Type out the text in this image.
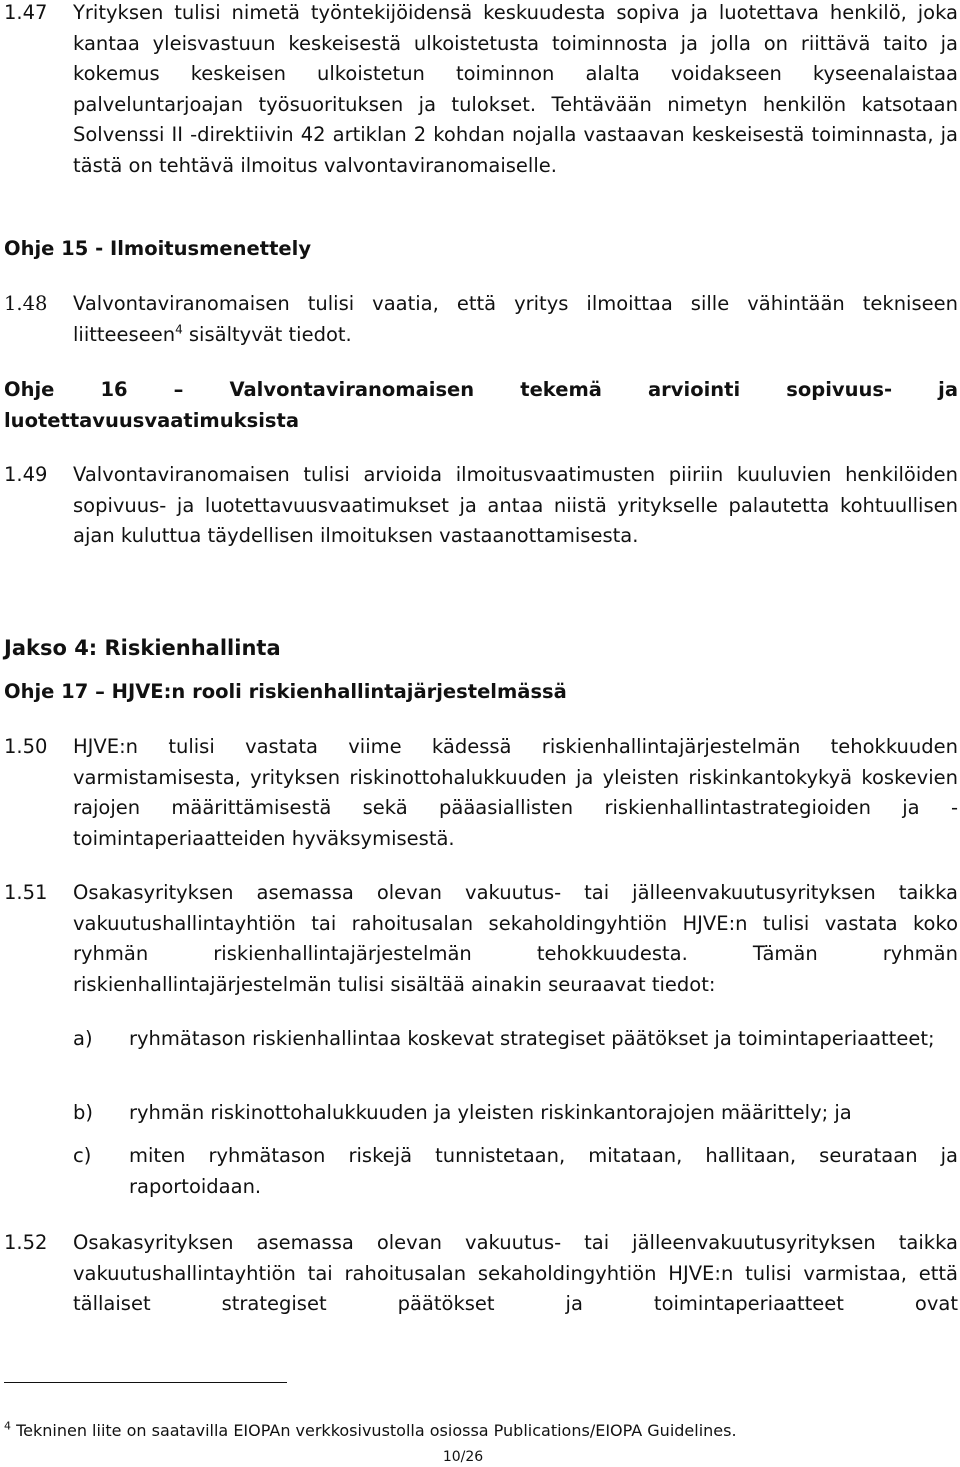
1.47	Yrityksen tulisi nimetä työntekijöidensä keskuudesta sopiva ja luotettava henkilö, joka kantaa yleisvastuun keskeisestä ulkoistetusta toiminnosta ja jolla on riittävä taito ja kokemus keskeisen ulkoistetun toiminnon alalta voidakseen kyseenalaistaa palveluntarjoajan työsuorituksen ja tulokset. Tehtävään nimetyn henkilön katsotaan Solvenssi II -direktiivin 42 artiklan 2 kohdan nojalla vastaavan keskeisestä toiminnasta, ja tästä on tehtävä ilmoitus valvontaviranomaiselle.
Ohje 15 - Ilmoitusmenettely
1.48	Valvontaviranomaisen tulisi vaatia, että yritys ilmoittaa sille vähintään tekniseen liitteeseen$^4$ sisältyvät tiedot.
Ohje 16 – Valvontaviranomaisen tekemä arviointi sopivuus- ja luotettavuusvaatimuksista
1.49	Valvontaviranomaisen tulisi arvioida ilmoitusvaatimusten piiriin kuuluvien henkilöiden sopivuus- ja luotettavuusvaatimukset ja antaa niistä yritykselle palautetta kohtuullisen ajan kuluttua täydellisen ilmoituksen vastaanottamisesta.
Jakso 4: Riskienhallinta
Ohje 17 – HJVE:n rooli riskienhallintajärjestelmässä
1.50	HJVE:n tulisi vastata viime kädessä riskienhallintajärjestelmän tehokkuuden varmistamisesta, yrityksen riskinottohalukkuuden ja yleisten riskinkantokykyä koskevien rajojen määrittämisestä sekä pääasiallisten riskienhallintastrategioiden ja -toimintaperiaatteiden hyväksymisestä.
1.51	Osakasyrityksen asemassa olevan vakuutus- tai jälleenvakuutusyrityksen taikka vakuutushallintayhtiön tai rahoitusalan sekaholdingyhtiön HJVE:n tulisi vastata koko ryhmän riskienhallintajärjestelmän tehokkuudesta. Tämän ryhmän riskienhallintajärjestelmän tulisi sisältää ainakin seuraavat tiedot:
a) ryhmätason riskienhallintaa koskevat strategiset päätökset ja toimintaperiaatteet;
b) ryhmän riskinottohalukkuuden ja yleisten riskinkantorajojen määrittely; ja
c) miten ryhmätason riskejä tunnistetaan, mitataan, hallitaan, seurataan ja raportoidaan.
1.52	Osakasyrityksen asemassa olevan vakuutus- tai jälleenvakuutusyrityksen taikka vakuutushallintayhtiön tai rahoitusalan sekaholdingyhtiön HJVE:n tulisi varmistaa, että tällaiset strategiset päätökset ja toimintaperiaatteet ovat
$^4$ Tekninen liite on saatavilla EIOPAn verkkosivustolla osiossa Publications/EIOPA Guidelines.
10/26
